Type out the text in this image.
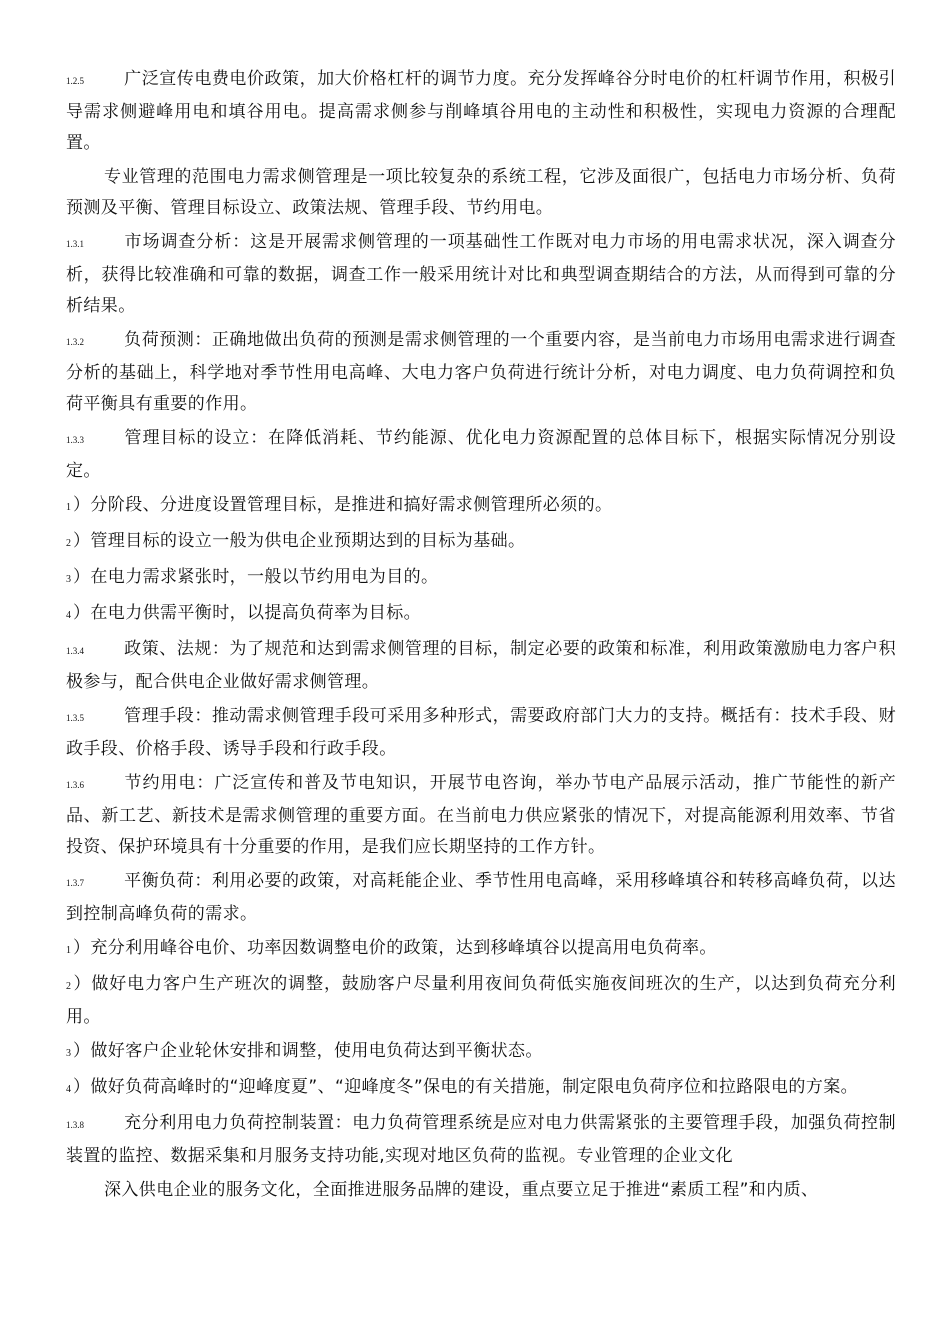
1.2.5 广泛宣传电费电价政策，加大价格杠杆的调节力度。充分发挥峰谷分时电价的杠杆调节作用，积极引导需求侧避峰用电和填谷用电。提高需求侧参与削峰填谷用电的主动性和积极性，实现电力资源的合理配置。

专业管理的范围电力需求侧管理是一项比较复杂的系统工程，它涉及面很广，包括电力市场分析、负荷预测及平衡、管理目标设立、政策法规、管理手段、节约用电。

1.3.1 市场调查分析：这是开展需求侧管理的一项基础性工作既对电力市场的用电需求状况，深入调查分析，获得比较准确和可靠的数据，调查工作一般采用统计对比和典型调查期结合的方法，从而得到可靠的分析结果。

1.3.2 负荷预测：正确地做出负荷的预测是需求侧管理的一个重要内容，是当前电力市场用电需求进行调查分析的基础上，科学地对季节性用电高峰、大电力客户负荷进行统计分析，对电力调度、电力负荷调控和负荷平衡具有重要的作用。

1.3.3 管理目标的设立：在降低消耗、节约能源、优化电力资源配置的总体目标下，根据实际情况分别设定。

1 ）分阶段、分进度设置管理目标，是推进和搞好需求侧管理所必须的。

2 ）管理目标的设立一般为供电企业预期达到的目标为基础。

3 ）在电力需求紧张时，一般以节约用电为目的。

4 ）在电力供需平衡时，以提高负荷率为目标。

1.3.4 政策、法规：为了规范和达到需求侧管理的目标，制定必要的政策和标准，利用政策激励电力客户积极参与，配合供电企业做好需求侧管理。

1.3.5 管理手段：推动需求侧管理手段可采用多种形式，需要政府部门大力的支持。概括有：技术手段、财政手段、价格手段、诱导手段和行政手段。

1.3.6 节约用电：广泛宣传和普及节电知识，开展节电咨询，举办节电产品展示活动，推广节能性的新产品、新工艺、新技术是需求侧管理的重要方面。在当前电力供应紧张的情况下，对提高能源利用效率、节省投资、保护环境具有十分重要的作用，是我们应长期坚持的工作方针。

1.3.7 平衡负荷：利用必要的政策，对高耗能企业、季节性用电高峰，采用移峰填谷和转移高峰负荷，以达到控制高峰负荷的需求。

1 ）充分利用峰谷电价、功率因数调整电价的政策，达到移峰填谷以提高用电负荷率。

2 ）做好电力客户生产班次的调整，鼓励客户尽量利用夜间负荷低实施夜间班次的生产，以达到负荷充分利用。

3 ）做好客户企业轮休安排和调整，使用电负荷达到平衡状态。

4 ）做好负荷高峰时的“迎峰度夏”、“迎峰度冬”保电的有关措施，制定限电负荷序位和拉路限电的方案。

1.3.8 充分利用电力负荷控制装置：电力负荷管理系统是应对电力供需紧张的主要管理手段，加强负荷控制装置的监控、数据采集和月服务支持功能,实现对地区负荷的监视。专业管理的企业文化

深入供电企业的服务文化，全面推进服务品牌的建设，重点要立足于推进“素质工程”和内质、
